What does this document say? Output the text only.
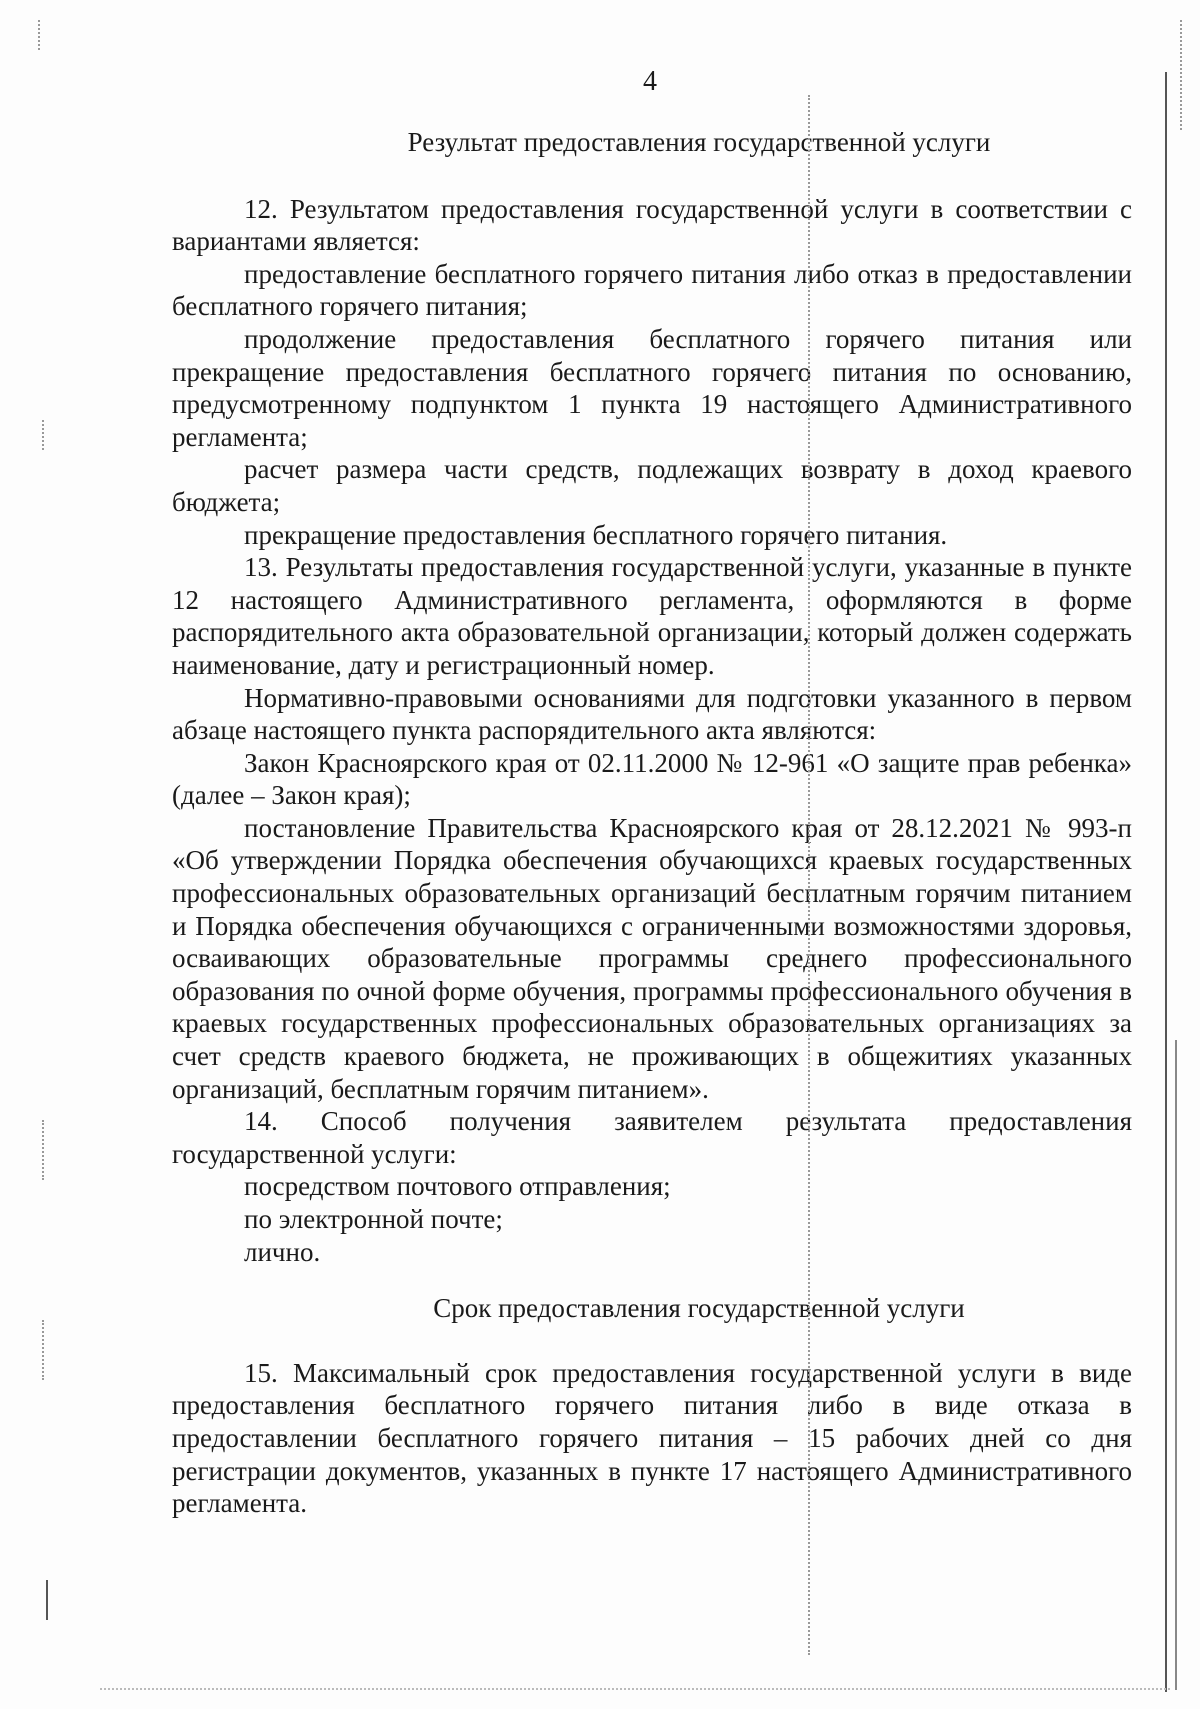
4
Результат предоставления государственной услуги

12. Результатом предоставления государственной услуги в соответствии с вариантами является:

предоставление бесплатного горячего питания либо отказ в предоставлении бесплатного горячего питания;

продолжение предоставления бесплатного горячего питания или прекращение предоставления бесплатного горячего питания по основанию, предусмотренному подпунктом 1 пункта 19 настоящего Административного регламента;

расчет размера части средств, подлежащих возврату в доход краевого бюджета;

прекращение предоставления бесплатного горячего питания.

13. Результаты предоставления государственной услуги, указанные в пункте 12 настоящего Административного регламента, оформляются в форме распорядительного акта образовательной организации, который должен содержать наименование, дату и регистрационный номер.

Нормативно-правовыми основаниями для подготовки указанного в первом абзаце настоящего пункта распорядительного акта являются:

Закон Красноярского края от 02.11.2000 № 12-961 «О защите прав ребенка» (далее – Закон края);

постановление Правительства Красноярского края от 28.12.2021 № 993-п «Об утверждении Порядка обеспечения обучающихся краевых государственных профессиональных образовательных организаций бесплатным горячим питанием и Порядка обеспечения обучающихся с ограниченными возможностями здоровья, осваивающих образовательные программы среднего профессионального образования по очной форме обучения, программы профессионального обучения в краевых государственных профессиональных образовательных организациях за счет средств краевого бюджета, не проживающих в общежитиях указанных организаций, бесплатным горячим питанием».

14. Способ получения заявителем результата предоставления государственной услуги:

посредством почтового отправления;

по электронной почте;

лично.

Срок предоставления государственной услуги

15. Максимальный срок предоставления государственной услуги в виде предоставления бесплатного горячего питания либо в виде отказа в предоставлении бесплатного горячего питания – 15 рабочих дней со дня регистрации документов, указанных в пункте 17 настоящего Административного регламента.
